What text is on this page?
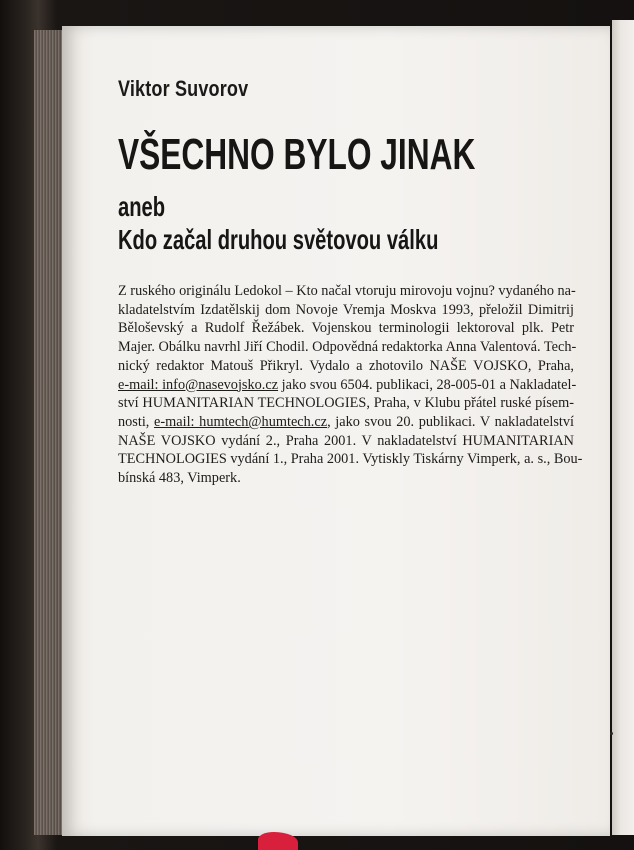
Viktor Suvorov
VŠECHNO BYLO JINAK
aneb
Kdo začal druhou světovou válku

Z ruského originálu Ledokol – Kto načal vtoruju mirovoju vojnu? vydaného na-
kladatelstvím Izdatělskij dom Novoje Vremja Moskva 1993, přeložil Dimitrij
Běloševský a Rudolf Řežábek. Vojenskou terminologii lektoroval plk. Petr
Majer. Obálku navrhl Jiří Chodil. Odpovědná redaktorka Anna Valentová. Tech-
nický redaktor Matouš Přikryl. Vydalo a zhotovilo NAŠE VOJSKO, Praha,
e-mail: info@nasevojsko.cz jako svou 6504. publikaci, 28-005-01 a Nakladatel-
ství HUMANITARIAN TECHNOLOGIES, Praha, v Klubu přátel ruské písem-
nosti, e-mail: humtech@humtech.cz, jako svou 20. publikaci. V nakladatelství
NAŠE VOJSKO vydání 2., Praha 2001. V nakladatelství HUMANITARIAN
TECHNOLOGIES vydání 1., Praha 2001. Vytiskly Tiskárny Vimperk, a. s., Bou-
bínská 483, Vimperk.
